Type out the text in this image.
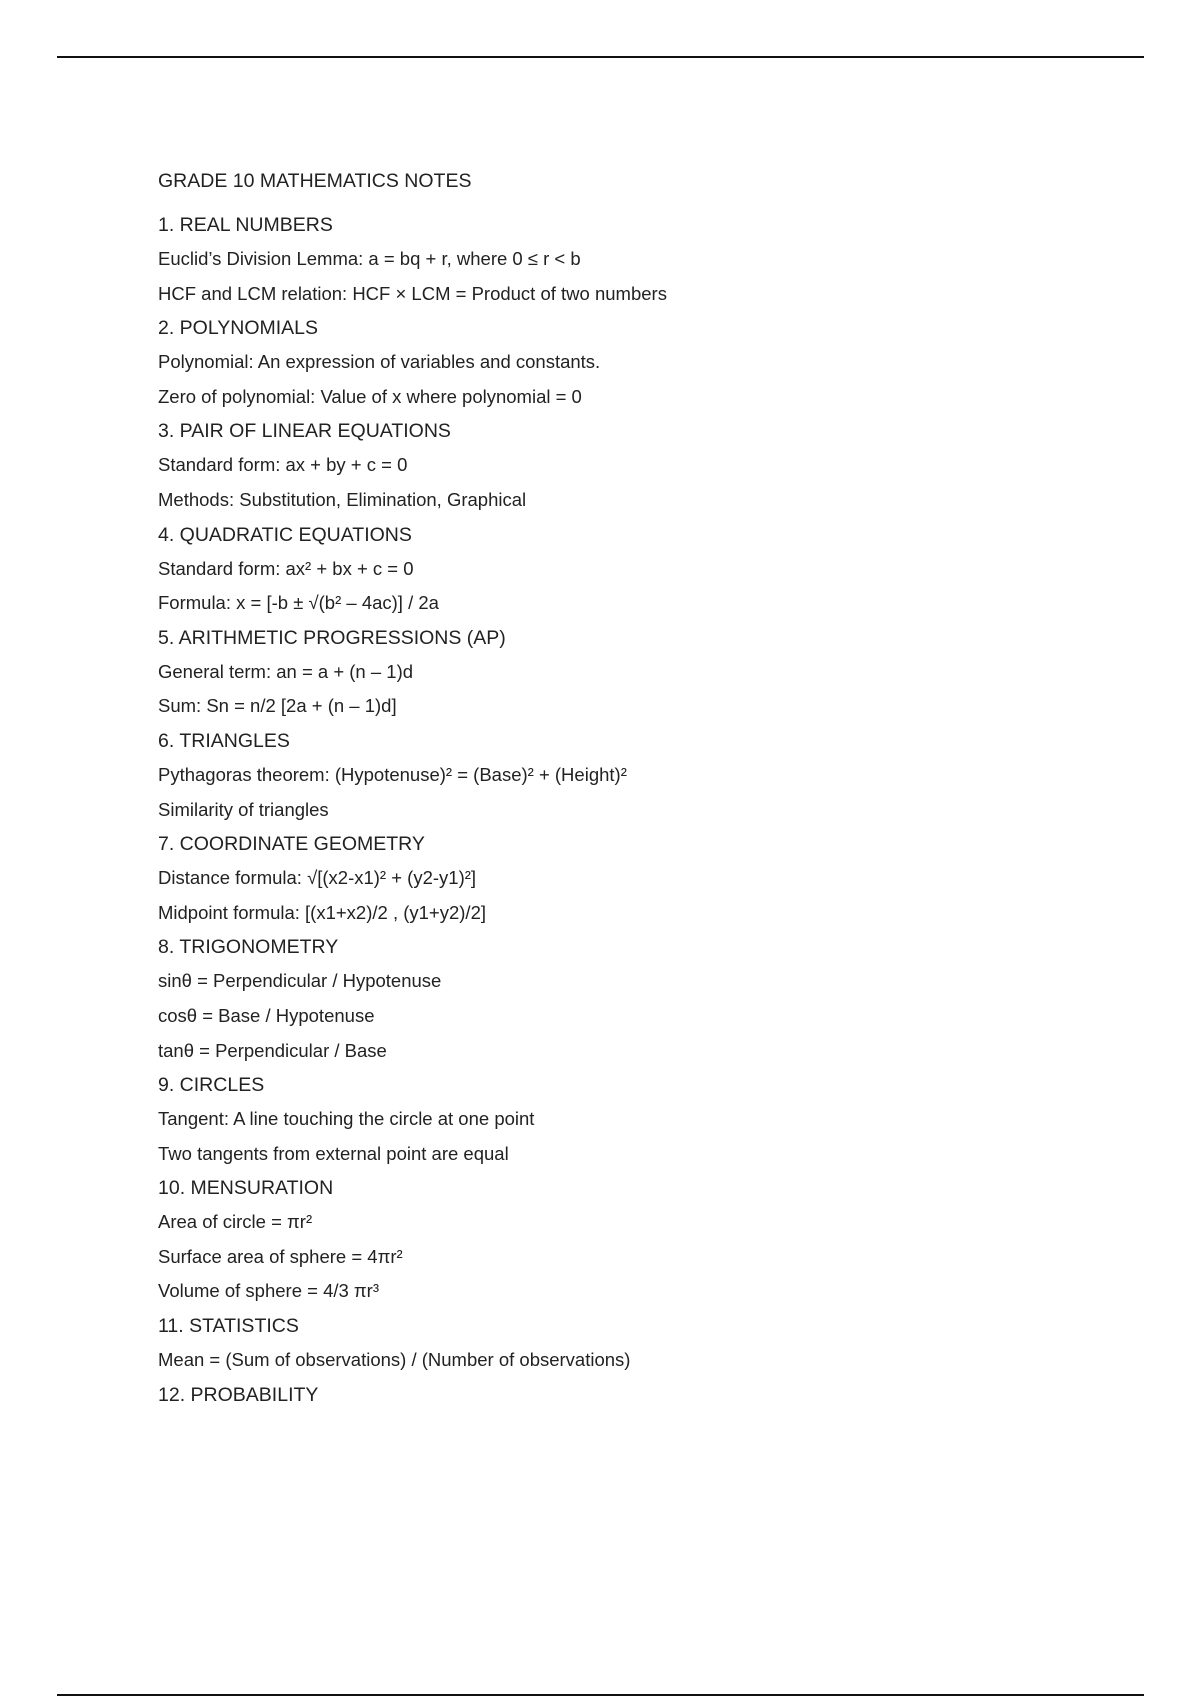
GRADE 10 MATHEMATICS NOTES
1. REAL NUMBERS
Euclid’s Division Lemma: a = bq + r, where 0 ≤ r < b
HCF and LCM relation: HCF × LCM = Product of two numbers
2. POLYNOMIALS
Polynomial: An expression of variables and constants.
Zero of polynomial: Value of x where polynomial = 0
3. PAIR OF LINEAR EQUATIONS
Standard form: ax + by + c = 0
Methods: Substitution, Elimination, Graphical
4. QUADRATIC EQUATIONS
Standard form: ax² + bx + c = 0
Formula: x = [-b ± √(b² – 4ac)] / 2a
5. ARITHMETIC PROGRESSIONS (AP)
General term: an = a + (n – 1)d
Sum: Sn = n/2 [2a + (n – 1)d]
6. TRIANGLES
Pythagoras theorem: (Hypotenuse)² = (Base)² + (Height)²
Similarity of triangles
7. COORDINATE GEOMETRY
Distance formula: √[(x2-x1)² + (y2-y1)²]
Midpoint formula: [(x1+x2)/2 , (y1+y2)/2]
8. TRIGONOMETRY
sinθ = Perpendicular / Hypotenuse
cosθ = Base / Hypotenuse
tanθ = Perpendicular / Base
9. CIRCLES
Tangent: A line touching the circle at one point
Two tangents from external point are equal
10. MENSURATION
Area of circle = πr²
Surface area of sphere = 4πr²
Volume of sphere = 4/3 πr³
11. STATISTICS
Mean = (Sum of observations) / (Number of observations)
12. PROBABILITY
